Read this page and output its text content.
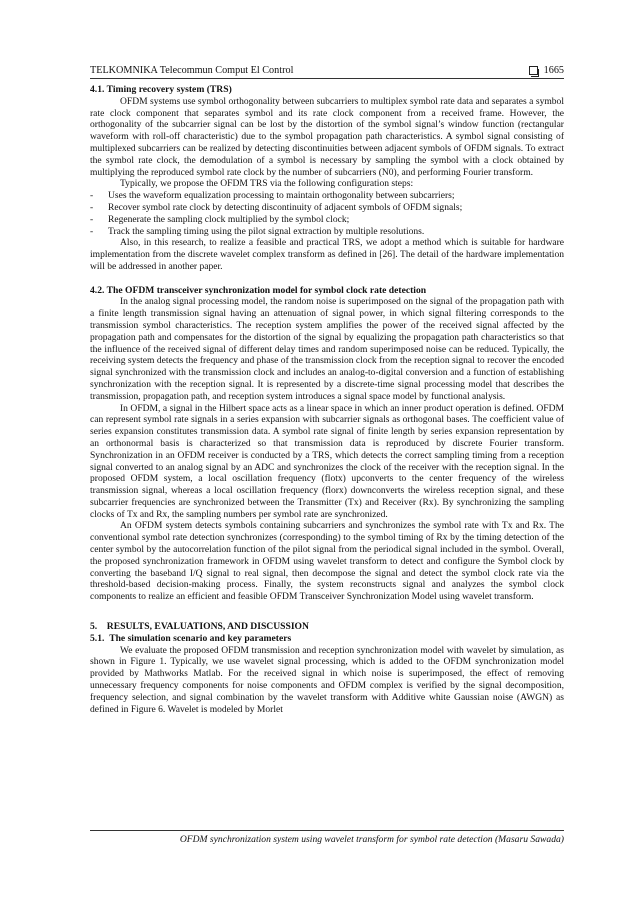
TELKOMNIKA Telecommun Comput El Control	1665
4.1. Timing recovery system (TRS)

OFDM systems use symbol orthogonality between subcarriers to multiplex symbol rate data and separates a symbol rate clock component that separates symbol and its rate clock component from a received frame. However, the orthogonality of the subcarrier signal can be lost by the distortion of the symbol signal’s window function (rectangular waveform with roll-off characteristic) due to the symbol propagation path characteristics. A symbol signal consisting of multiplexed subcarriers can be realized by detecting discontinuities between adjacent symbols of OFDM signals. To extract the symbol rate clock, the demodulation of a symbol is necessary by sampling the symbol with a clock obtained by multiplying the reproduced symbol rate clock by the number of subcarriers (N0), and performing Fourier transform.

Typically, we propose the OFDM TRS via the following configuration steps:

- Uses the waveform equalization processing to maintain orthogonality between subcarriers;
- Recover symbol rate clock by detecting discontinuity of adjacent symbols of OFDM signals;
- Regenerate the sampling clock multiplied by the symbol clock;
- Track the sampling timing using the pilot signal extraction by multiple resolutions.

Also, in this research, to realize a feasible and practical TRS, we adopt a method which is suitable for hardware implementation from the discrete wavelet complex transform as defined in [26]. The detail of the hardware implementation will be addressed in another paper.

4.2. The OFDM transceiver synchronization model for symbol clock rate detection

In the analog signal processing model, the random noise is superimposed on the signal of the propagation path with a finite length transmission signal having an attenuation of signal power, in which signal filtering corresponds to the transmission symbol characteristics. The reception system amplifies the power of the received signal affected by the propagation path and compensates for the distortion of the signal by equalizing the propagation path characteristics so that the influence of the received signal of different delay times and random superimposed noise can be reduced. Typically, the receiving system detects the frequency and phase of the transmission clock from the reception signal to recover the encoded signal synchronized with the transmission clock and includes an analog-to-digital conversion and a function of establishing synchronization with the reception signal. It is represented by a discrete-time signal processing model that describes the transmission, propagation path, and reception system introduces a signal space model by functional analysis.

In OFDM, a signal in the Hilbert space acts as a linear space in which an inner product operation is defined. OFDM can represent symbol rate signals in a series expansion with subcarrier signals as orthogonal bases. The coefficient value of series expansion constitutes transmission data. A symbol rate signal of finite length by series expansion representation by an orthonormal basis is characterized so that transmission data is reproduced by discrete Fourier transform. Synchronization in an OFDM receiver is conducted by a TRS, which detects the correct sampling timing from a reception signal converted to an analog signal by an ADC and synchronizes the clock of the receiver with the reception signal. In the proposed OFDM system, a local oscillation frequency (flotx) upconverts to the center frequency of the wireless transmission signal, whereas a local oscillation frequency (florx) downconverts the wireless reception signal, and these subcarrier frequencies are synchronized between the Transmitter (Tx) and Receiver (Rx). By synchronizing the sampling clocks of Tx and Rx, the sampling numbers per symbol rate are synchronized.

An OFDM system detects symbols containing subcarriers and synchronizes the symbol rate with Tx and Rx. The conventional symbol rate detection synchronizes (corresponding) to the symbol timing of Rx by the timing detection of the center symbol by the autocorrelation function of the pilot signal from the periodical signal included in the symbol. Overall, the proposed synchronization framework in OFDM using wavelet transform to detect and configure the Symbol clock by converting the baseband I/Q signal to real signal, then decompose the signal and detect the symbol clock rate via the threshold-based decision-making process. Finally, the system reconstructs signal and analyzes the symbol clock components to realize an efficient and feasible OFDM Transceiver Synchronization Model using wavelet transform.

5.    RESULTS, EVALUATIONS, AND DISCUSSION
5.1.  The simulation scenario and key parameters

We evaluate the proposed OFDM transmission and reception synchronization model with wavelet by simulation, as shown in Figure 1. Typically, we use wavelet signal processing, which is added to the OFDM synchronization model provided by Mathworks Matlab. For the received signal in which noise is superimposed, the effect of removing unnecessary frequency components for noise components and OFDM complex is verified by the signal decomposition, frequency selection, and signal combination by the wavelet transform with Additive white Gaussian noise (AWGN) as defined in Figure 6. Wavelet is modeled by Morlet

OFDM synchronization system using wavelet transform for symbol rate detection (Masaru Sawada)
